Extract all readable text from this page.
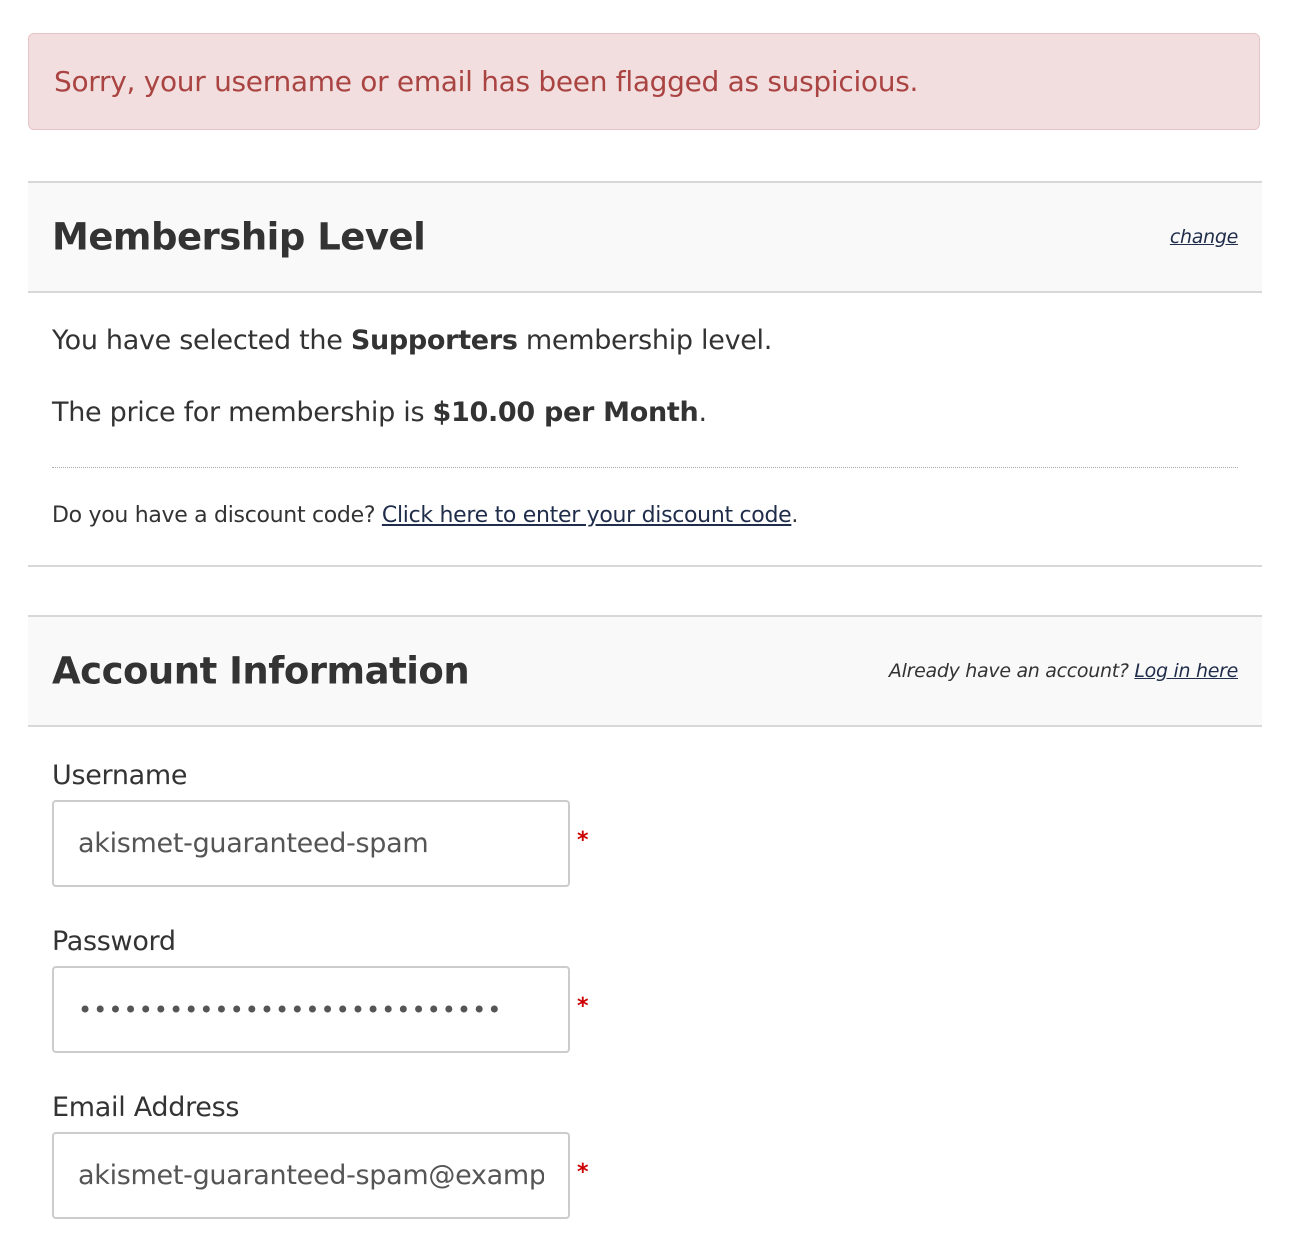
Sorry, your username or email has been flagged as suspicious.
Membership Level	change
You have selected the Supporters membership level.
The price for membership is $10.00 per Month.
Do you have a discount code? Click here to enter your discount code.
Account Information	Already have an account? Log in here
Username
akismet-guaranteed-spam
*
Password
*
Email Address
akismet-guaranteed-spam@example.com
*
